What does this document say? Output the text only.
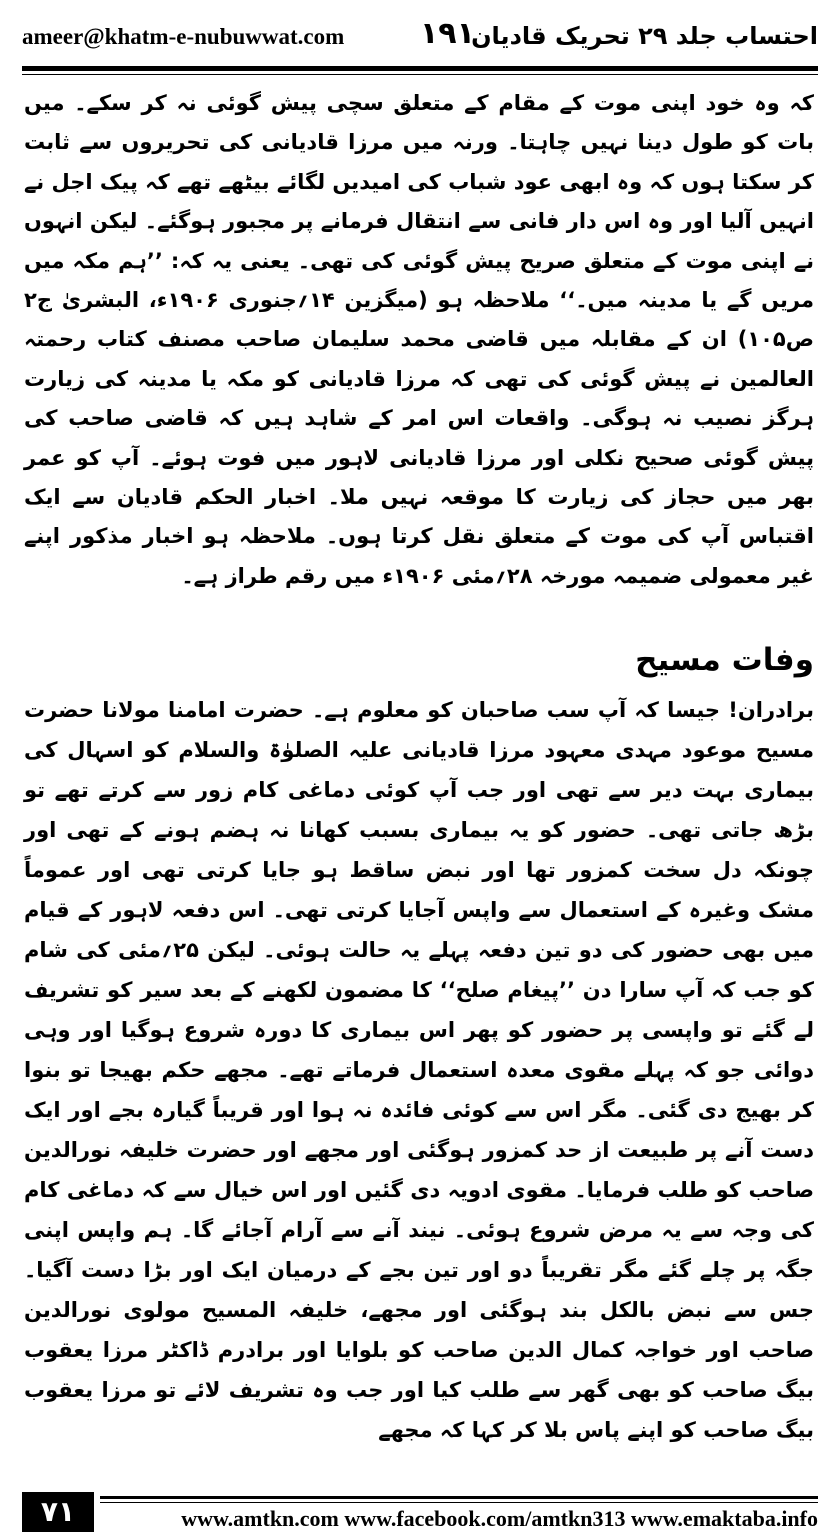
ameer@khatm-e-nubuwwat.com	۱۹۱
احتساب جلد ۲۹ تحریک قادیان
کہ وہ خود اپنی موت کے مقام کے متعلق سچی پیش گوئی نہ کر سکے۔ میں بات کو طول دینا نہیں چاہتا۔ ورنہ میں مرزا قادیانی کی تحریروں سے ثابت کر سکتا ہوں کہ وہ ابھی عود شباب کی امیدیں لگائے بیٹھے تھے کہ پیک اجل نے انہیں آلیا اور وہ اس دار فانی سے انتقال فرمانے پر مجبور ہوگئے۔ لیکن انہوں نے اپنی موت کے متعلق صریح پیش گوئی کی تھی۔ یعنی یہ کہ: ’’ہم مکہ میں مریں گے یا مدینہ میں۔‘‘ ملاحظہ ہو (میگزین ۱۴؍جنوری ۱۹۰۶ء، البشریٰ ج۲ ص۱۰۵) ان کے مقابلہ میں قاضی محمد سلیمان صاحب مصنف کتاب رحمتہ العالمین نے پیش گوئی کی تھی کہ مرزا قادیانی کو مکہ یا مدینہ کی زیارت ہرگز نصیب نہ ہوگی۔ واقعات اس امر کے شاہد ہیں کہ قاضی صاحب کی پیش گوئی صحیح نکلی اور مرزا قادیانی لاہور میں فوت ہوئے۔ آپ کو عمر بھر میں حجاز کی زیارت کا موقعہ نہیں ملا۔ اخبار الحکم قادیان سے ایک اقتباس آپ کی موت کے متعلق نقل کرتا ہوں۔ ملاحظہ ہو اخبار مذکور اپنے غیر معمولی ضمیمہ مورخہ ۲۸؍مئی ۱۹۰۶ء میں رقم طراز ہے۔
وفات مسیح
برادران! جیسا کہ آپ سب صاحبان کو معلوم ہے۔ حضرت امامنا مولانا حضرت مسیح موعود مہدی معہود مرزا قادیانی علیہ الصلوٰۃ والسلام کو اسہال کی بیماری بہت دیر سے تھی اور جب آپ کوئی دماغی کام زور سے کرتے تھے تو بڑھ جاتی تھی۔ حضور کو یہ بیماری بسبب کھانا نہ ہضم ہونے کے تھی اور چونکہ دل سخت کمزور تھا اور نبض ساقط ہو جایا کرتی تھی اور عموماً مشک وغیرہ کے استعمال سے واپس آجایا کرتی تھی۔ اس دفعہ لاہور کے قیام میں بھی حضور کی دو تین دفعہ پہلے یہ حالت ہوئی۔ لیکن ۲۵؍مئی کی شام کو جب کہ آپ سارا دن ’’پیغام صلح‘‘ کا مضمون لکھنے کے بعد سیر کو تشریف لے گئے تو واپسی پر حضور کو پھر اس بیماری کا دورہ شروع ہوگیا اور وہی دوائی جو کہ پہلے مقوی معدہ استعمال فرماتے تھے۔ مجھے حکم بھیجا تو بنوا کر بھیج دی گئی۔ مگر اس سے کوئی فائدہ نہ ہوا اور قریباً گیارہ بجے اور ایک دست آنے پر طبیعت از حد کمزور ہوگئی اور مجھے اور حضرت خلیفہ نورالدین صاحب کو طلب فرمایا۔ مقوی ادویہ دی گئیں اور اس خیال سے کہ دماغی کام کی وجہ سے یہ مرض شروع ہوئی۔ نیند آنے سے آرام آجائے گا۔ ہم واپس اپنی جگہ پر چلے گئے مگر تقریباً دو اور تین بجے کے درمیان ایک اور بڑا دست آگیا۔ جس سے نبض بالکل بند ہوگئی اور مجھے، خلیفہ المسیح مولوی نورالدین صاحب اور خواجہ کمال الدین صاحب کو بلوایا اور برادرم ڈاکٹر مرزا یعقوب بیگ صاحب کو بھی گھر سے طلب کیا اور جب وہ تشریف لائے تو مرزا یعقوب بیگ صاحب کو اپنے پاس بلا کر کہا کہ مجھے
۷۱	www.amtkn.com www.facebook.com/amtkn313 www.emaktaba.info
